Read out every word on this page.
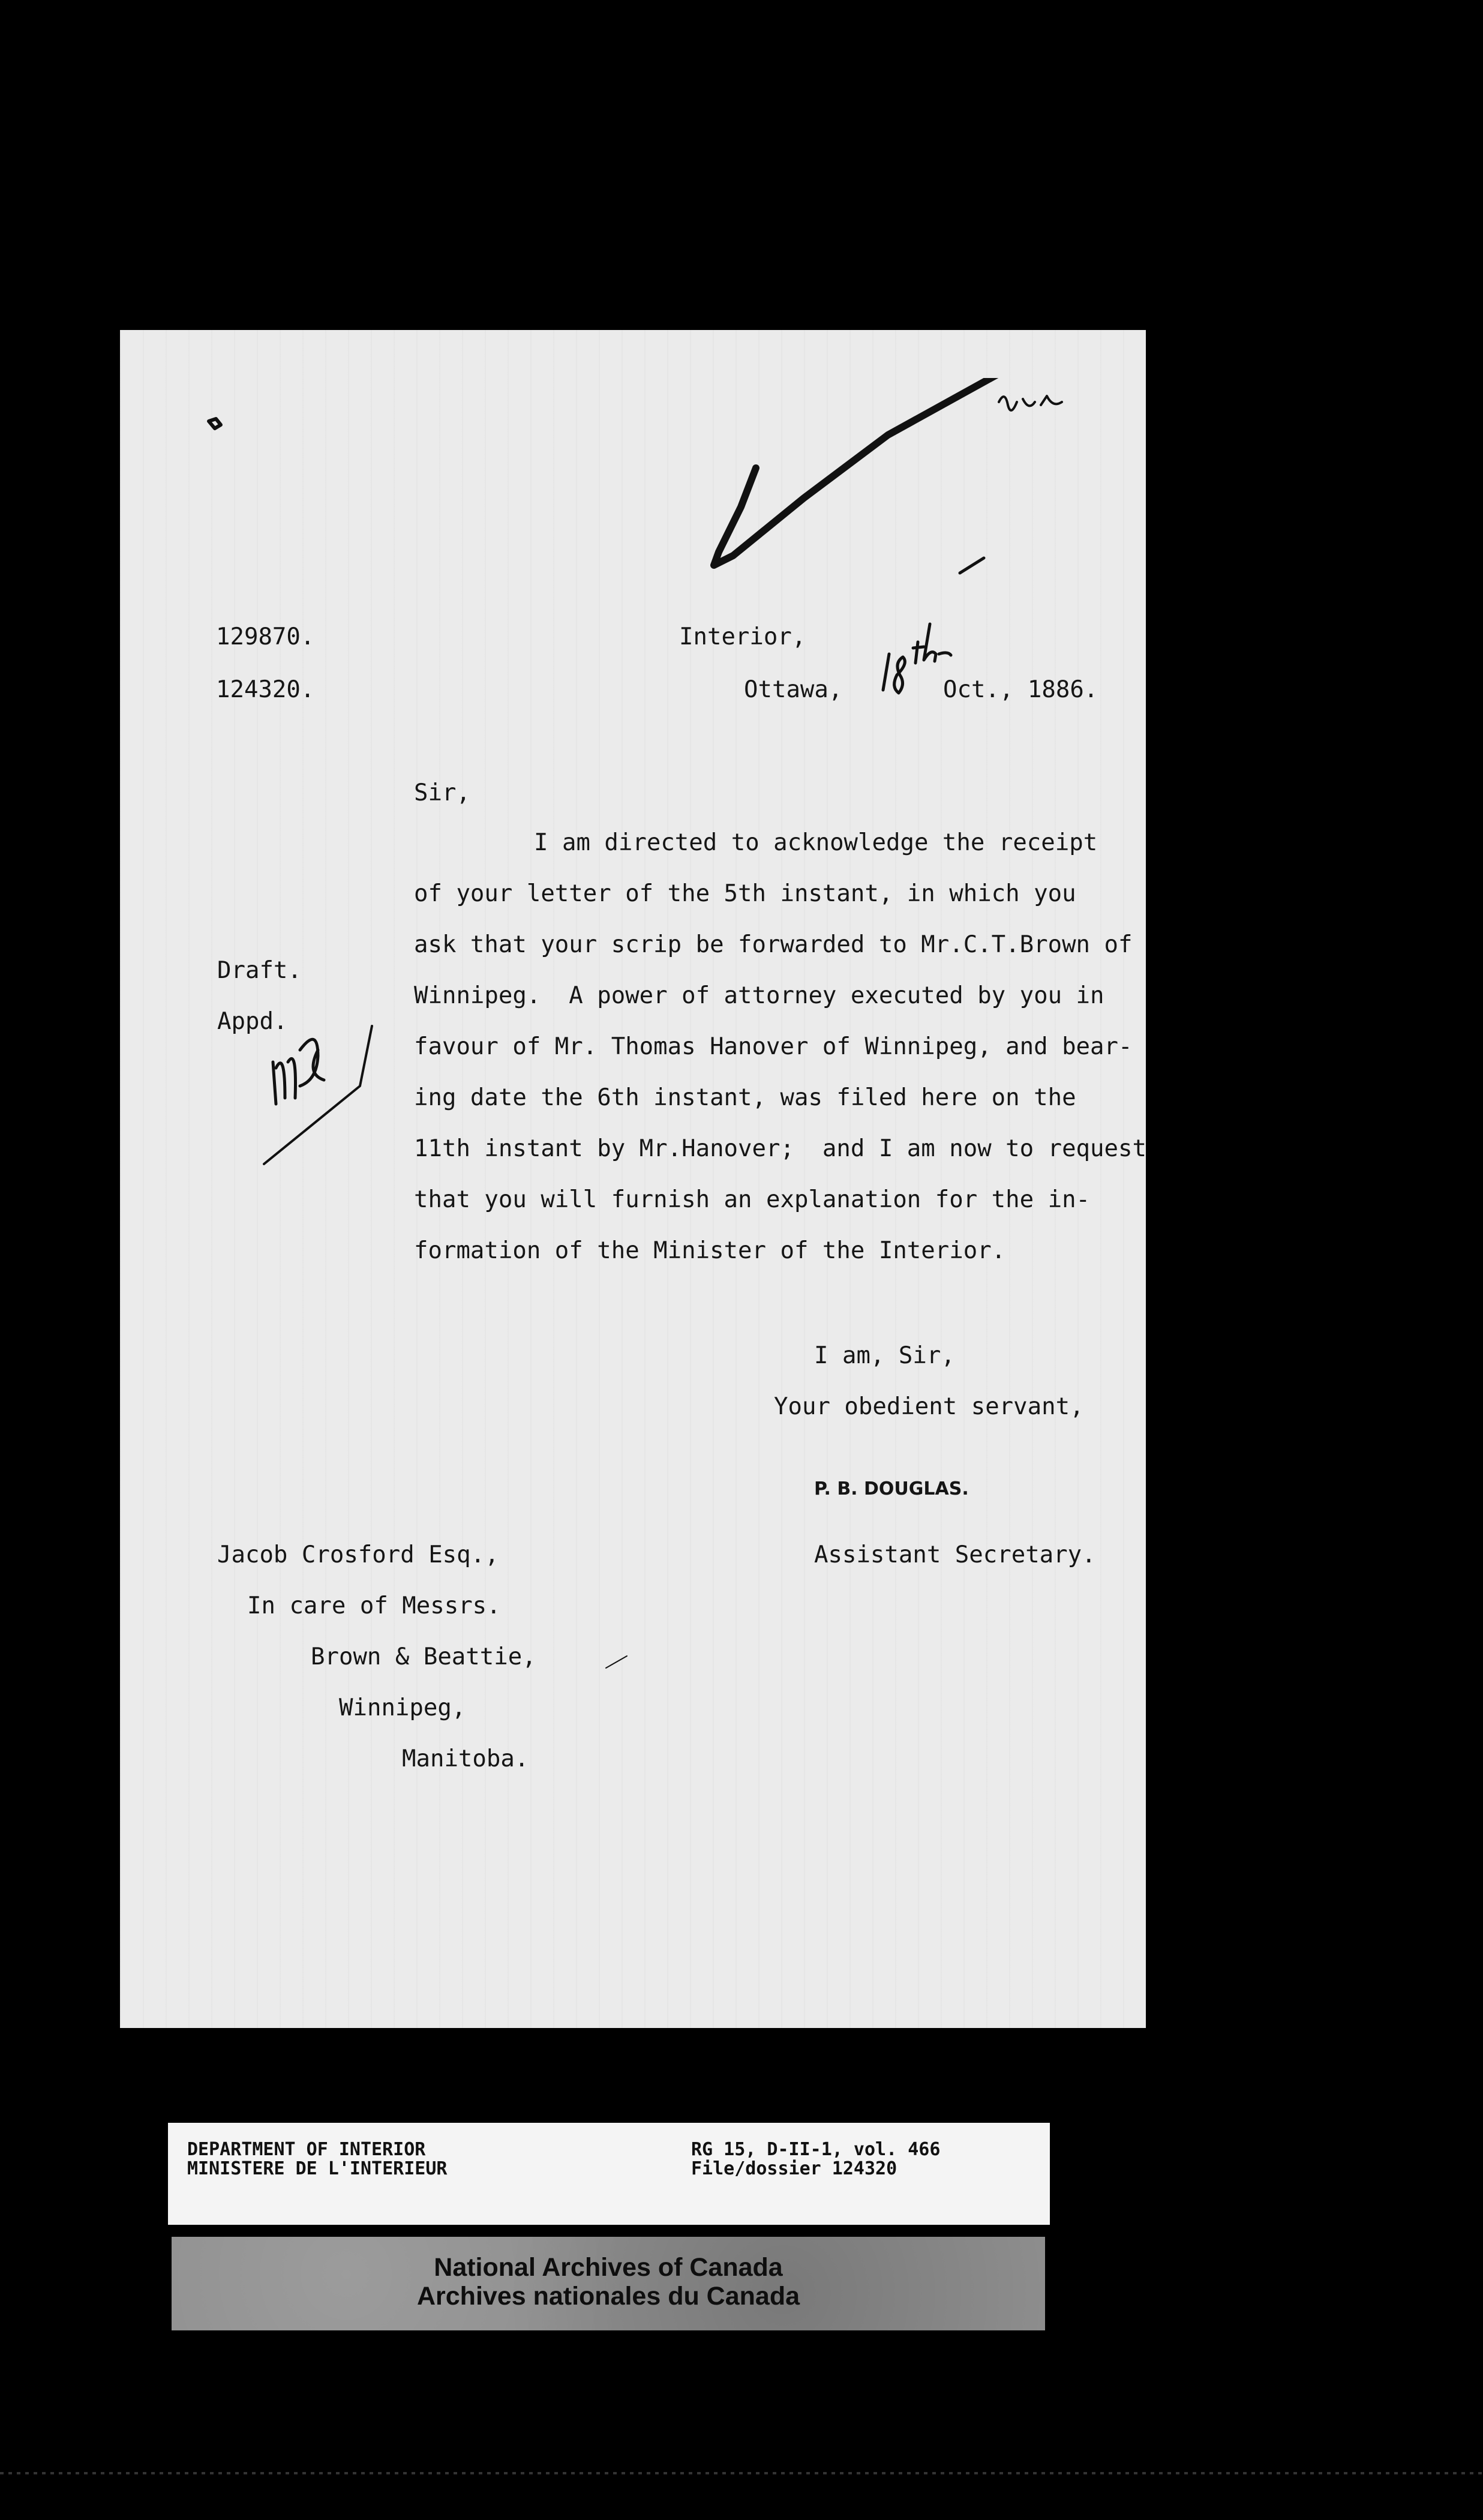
129870.
124320.
Interior,
Ottawa,	Oct., 1886.
Sir,
I am directed to acknowledge the receipt
of your letter of the 5th instant, in which you
ask that your scrip be forwarded to Mr.C.T.Brown of
Winnipeg.  A power of attorney executed by you in
favour of Mr. Thomas Hanover of Winnipeg, and bear-
ing date the 6th instant, was filed here on the
11th instant by Mr.Hanover;  and I am now to request
that you will furnish an explanation for the in-
formation of the Minister of the Interior.
Draft.
Appd.
I am, Sir,
Your obedient servant,
P. B. DOUGLAS.
Assistant Secretary.
Jacob Crosford Esq.,
In care of Messrs.
Brown & Beattie,
Winnipeg,
Manitoba.
DEPARTMENT OF INTERIOR
MINISTERE DE L'INTERIEUR
RG 15, D-II-1, vol. 466
File/dossier 124320
National Archives of Canada
Archives nationales du Canada
